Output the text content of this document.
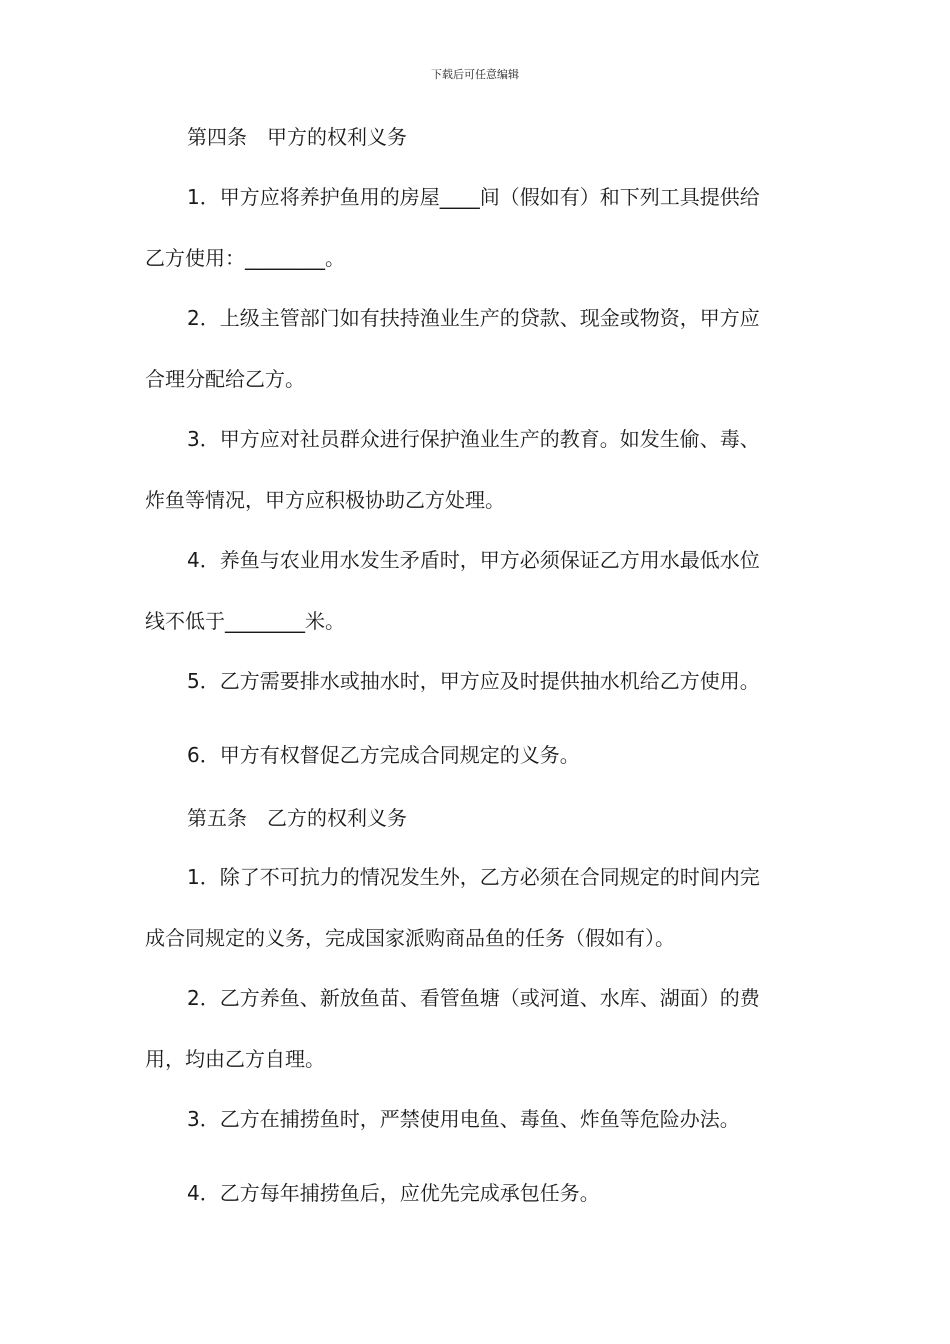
下载后可任意编辑
第四条　甲方的权利义务
1．甲方应将养护鱼用的房屋____间（假如有）和下列工具提供给
乙方使用：________。
2．上级主管部门如有扶持渔业生产的贷款、现金或物资，甲方应
合理分配给乙方。
3．甲方应对社员群众进行保护渔业生产的教育。如发生偷、毒、
炸鱼等情况，甲方应积极协助乙方处理。
4．养鱼与农业用水发生矛盾时，甲方必须保证乙方用水最低水位
线不低于________米。
5．乙方需要排水或抽水时，甲方应及时提供抽水机给乙方使用。
6．甲方有权督促乙方完成合同规定的义务。
第五条　乙方的权利义务
1．除了不可抗力的情况发生外，乙方必须在合同规定的时间内完
成合同规定的义务，完成国家派购商品鱼的任务（假如有）。
2．乙方养鱼、新放鱼苗、看管鱼塘（或河道、水库、湖面）的费
用，均由乙方自理。
3．乙方在捕捞鱼时，严禁使用电鱼、毒鱼、炸鱼等危险办法。
4．乙方每年捕捞鱼后，应优先完成承包任务。
